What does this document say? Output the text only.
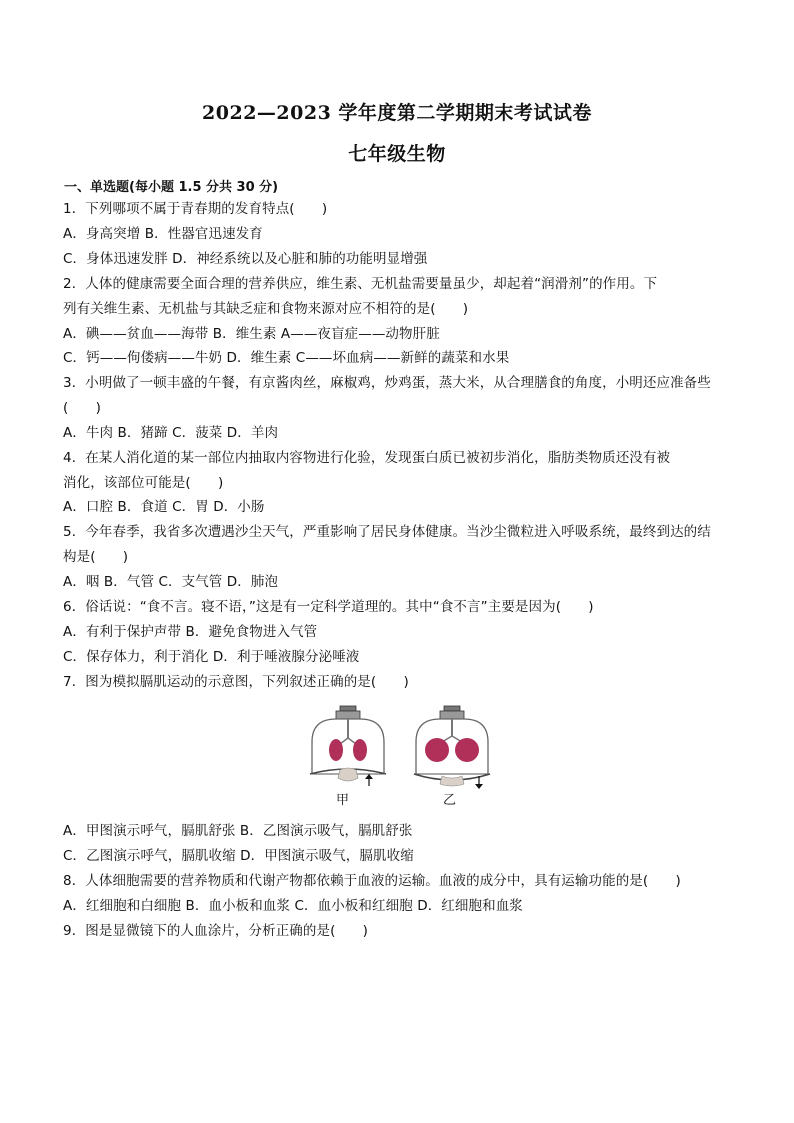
2022—2023 学年度第二学期期末考试试卷
七年级生物
一、单选题(每小题 1.5 分共 30 分)
1．下列哪项不属于青春期的发育特点(　　)
A．身高突增 B．性器官迅速发育
C．身体迅速发胖 D．神经系统以及心脏和肺的功能明显增强
2．人体的健康需要全面合理的营养供应，维生素、无机盐需要量虽少，却起着“润滑剂”的作用。下
列有关维生素、无机盐与其缺乏症和食物来源对应不相符的是(　　)
A．碘——贫血——海带 B．维生素 A——夜盲症——动物肝脏
C．钙——佝偻病——牛奶 D．维生素 C——坏血病——新鲜的蔬菜和水果
3．小明做了一顿丰盛的午餐，有京酱肉丝，麻椒鸡，炒鸡蛋，蒸大米，从合理膳食的角度，小明还应准备些
(　　)
A．牛肉 B．猪蹄 C．菠菜 D．羊肉
4．在某人消化道的某一部位内抽取内容物进行化验，发现蛋白质已被初步消化，脂肪类物质还没有被
消化，该部位可能是(　　)
A．口腔 B．食道 C．胃 D．小肠
5．今年春季，我省多次遭遇沙尘天气，严重影响了居民身体健康。当沙尘微粒进入呼吸系统，最终到达的结
构是(　　)
A．咽 B．气管 C．支气管 D．肺泡
6．俗话说：“食不言。寝不语，”这是有一定科学道理的。其中“食不言”主要是因为(　　)
A．有利于保护声带 B．避免食物进入气管
C．保存体力，利于消化 D．利于唾液腺分泌唾液
7．图为模拟膈肌运动的示意图，下列叙述正确的是(　　)
甲	乙
A．甲图演示呼气，膈肌舒张 B．乙图演示吸气，膈肌舒张
C．乙图演示呼气，膈肌收缩 D．甲图演示吸气，膈肌收缩
8．人体细胞需要的营养物质和代谢产物都依赖于血液的运输。血液的成分中，具有运输功能的是(　　)
A．红细胞和白细胞 B．血小板和血浆 C．血小板和红细胞 D．红细胞和血浆
9．图是显微镜下的人血涂片，分析正确的是(　　)
